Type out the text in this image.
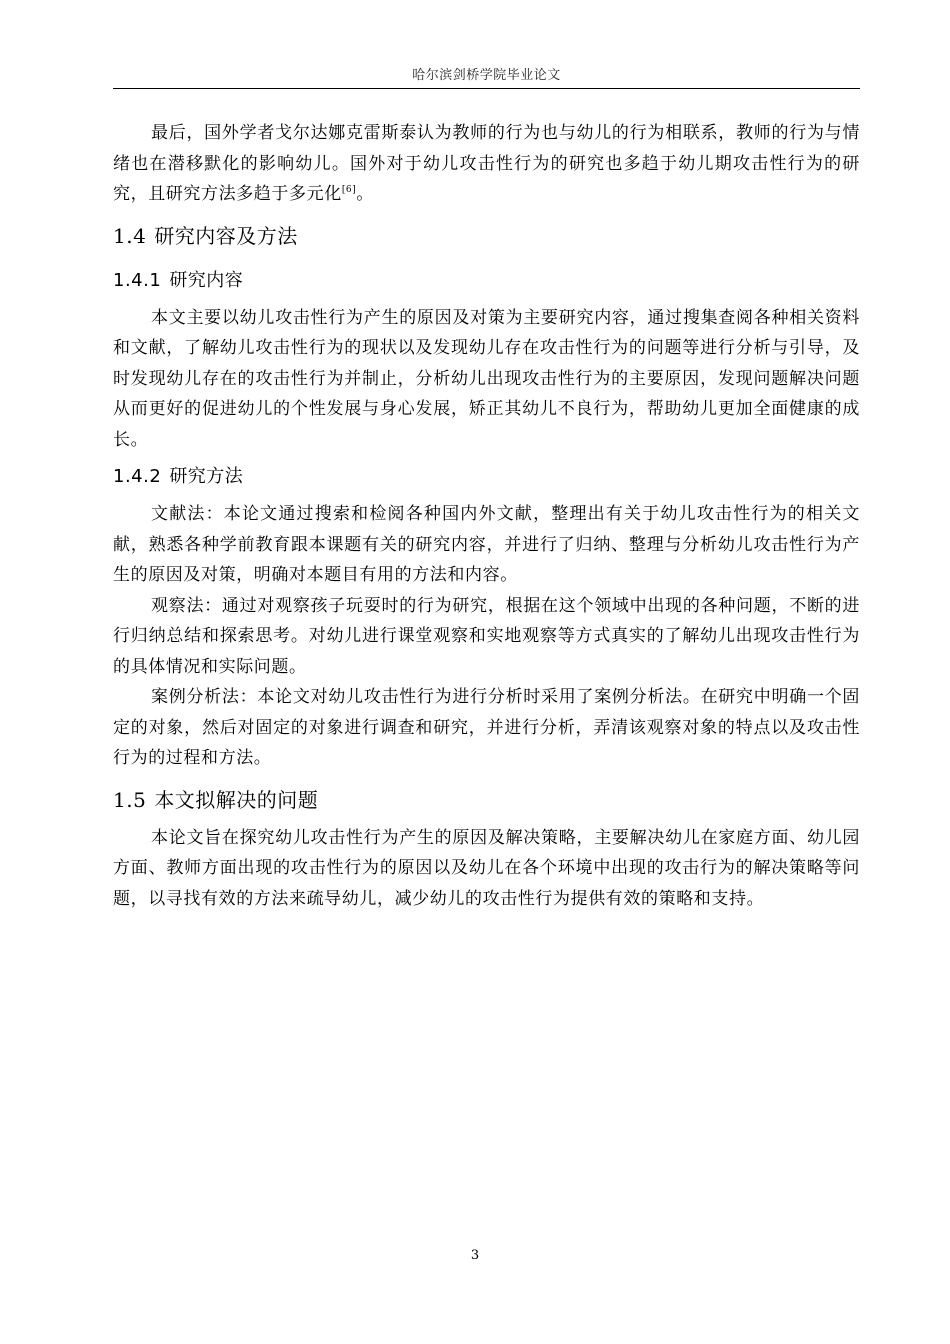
哈尔滨剑桥学院毕业论文

最后，国外学者戈尔达娜克雷斯泰认为教师的行为也与幼儿的行为相联系，教师的行为与情绪也在潜移默化的影响幼儿。国外对于幼儿攻击性行为的研究也多趋于幼儿期攻击性行为的研究，且研究方法多趋于多元化[6]。

1.4 研究内容及方法
1.4.1 研究内容

本文主要以幼儿攻击性行为产生的原因及对策为主要研究内容，通过搜集查阅各种相关资料和文献，了解幼儿攻击性行为的现状以及发现幼儿存在攻击性行为的问题等进行分析与引导，及时发现幼儿存在的攻击性行为并制止，分析幼儿出现攻击性行为的主要原因，发现问题解决问题从而更好的促进幼儿的个性发展与身心发展，矫正其幼儿不良行为，帮助幼儿更加全面健康的成长。

1.4.2 研究方法

文献法：本论文通过搜索和检阅各种国内外文献，整理出有关于幼儿攻击性行为的相关文献，熟悉各种学前教育跟本课题有关的研究内容，并进行了归纳、整理与分析幼儿攻击性行为产生的原因及对策，明确对本题目有用的方法和内容。

观察法：通过对观察孩子玩耍时的行为研究，根据在这个领域中出现的各种问题，不断的进行归纳总结和探索思考。对幼儿进行课堂观察和实地观察等方式真实的了解幼儿出现攻击性行为的具体情况和实际问题。

案例分析法：本论文对幼儿攻击性行为进行分析时采用了案例分析法。在研究中明确一个固定的对象，然后对固定的对象进行调查和研究，并进行分析，弄清该观察对象的特点以及攻击性行为的过程和方法。

1.5 本文拟解决的问题

本论文旨在探究幼儿攻击性行为产生的原因及解决策略，主要解决幼儿在家庭方面、幼儿园方面、教师方面出现的攻击性行为的原因以及幼儿在各个环境中出现的攻击行为的解决策略等问题，以寻找有效的方法来疏导幼儿，减少幼儿的攻击性行为提供有效的策略和支持。

3
